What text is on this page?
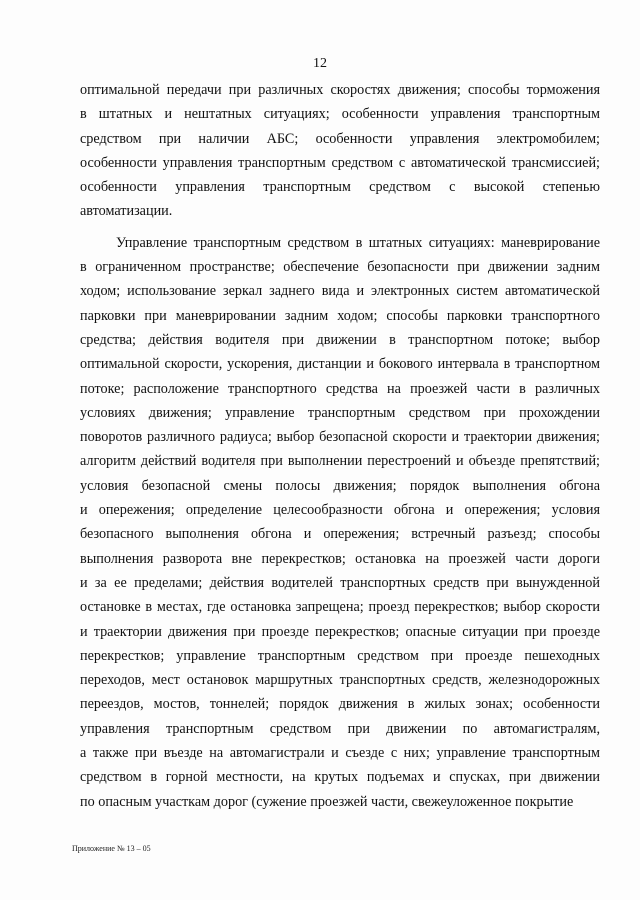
12
оптимальной передачи при различных скоростях движения; способы торможения
в штатных и нештатных ситуациях; особенности управления транспортным
средством при наличии АБС; особенности управления электромобилем;
особенности управления транспортным средством с автоматической трансмиссией;
особенности управления транспортным средством с высокой степенью
автоматизации.
Управление транспортным средством в штатных ситуациях: маневрирование
в ограниченном пространстве; обеспечение безопасности при движении задним
ходом; использование зеркал заднего вида и электронных систем автоматической
парковки при маневрировании задним ходом; способы парковки транспортного
средства; действия водителя при движении в транспортном потоке; выбор
оптимальной скорости, ускорения, дистанции и бокового интервала в транспортном
потоке; расположение транспортного средства на проезжей части в различных
условиях движения; управление транспортным средством при прохождении
поворотов различного радиуса; выбор безопасной скорости и траектории движения;
алгоритм действий водителя при выполнении перестроений и объезде препятствий;
условия безопасной смены полосы движения; порядок выполнения обгона
и опережения; определение целесообразности обгона и опережения; условия
безопасного выполнения обгона и опережения; встречный разъезд; способы
выполнения разворота вне перекрестков; остановка на проезжей части дороги
и за ее пределами; действия водителей транспортных средств при вынужденной
остановке в местах, где остановка запрещена; проезд перекрестков; выбор скорости
и траектории движения при проезде перекрестков; опасные ситуации при проезде
перекрестков; управление транспортным средством при проезде пешеходных
переходов, мест остановок маршрутных транспортных средств, железнодорожных
переездов, мостов, тоннелей; порядок движения в жилых зонах; особенности
управления транспортным средством при движении по автомагистралям,
а также при въезде на автомагистрали и съезде с них; управление транспортным
средством в горной местности, на крутых подъемах и спусках, при движении
по опасным участкам дорог (сужение проезжей части, свежеуложенное покрытие
Приложение № 13 – 05
